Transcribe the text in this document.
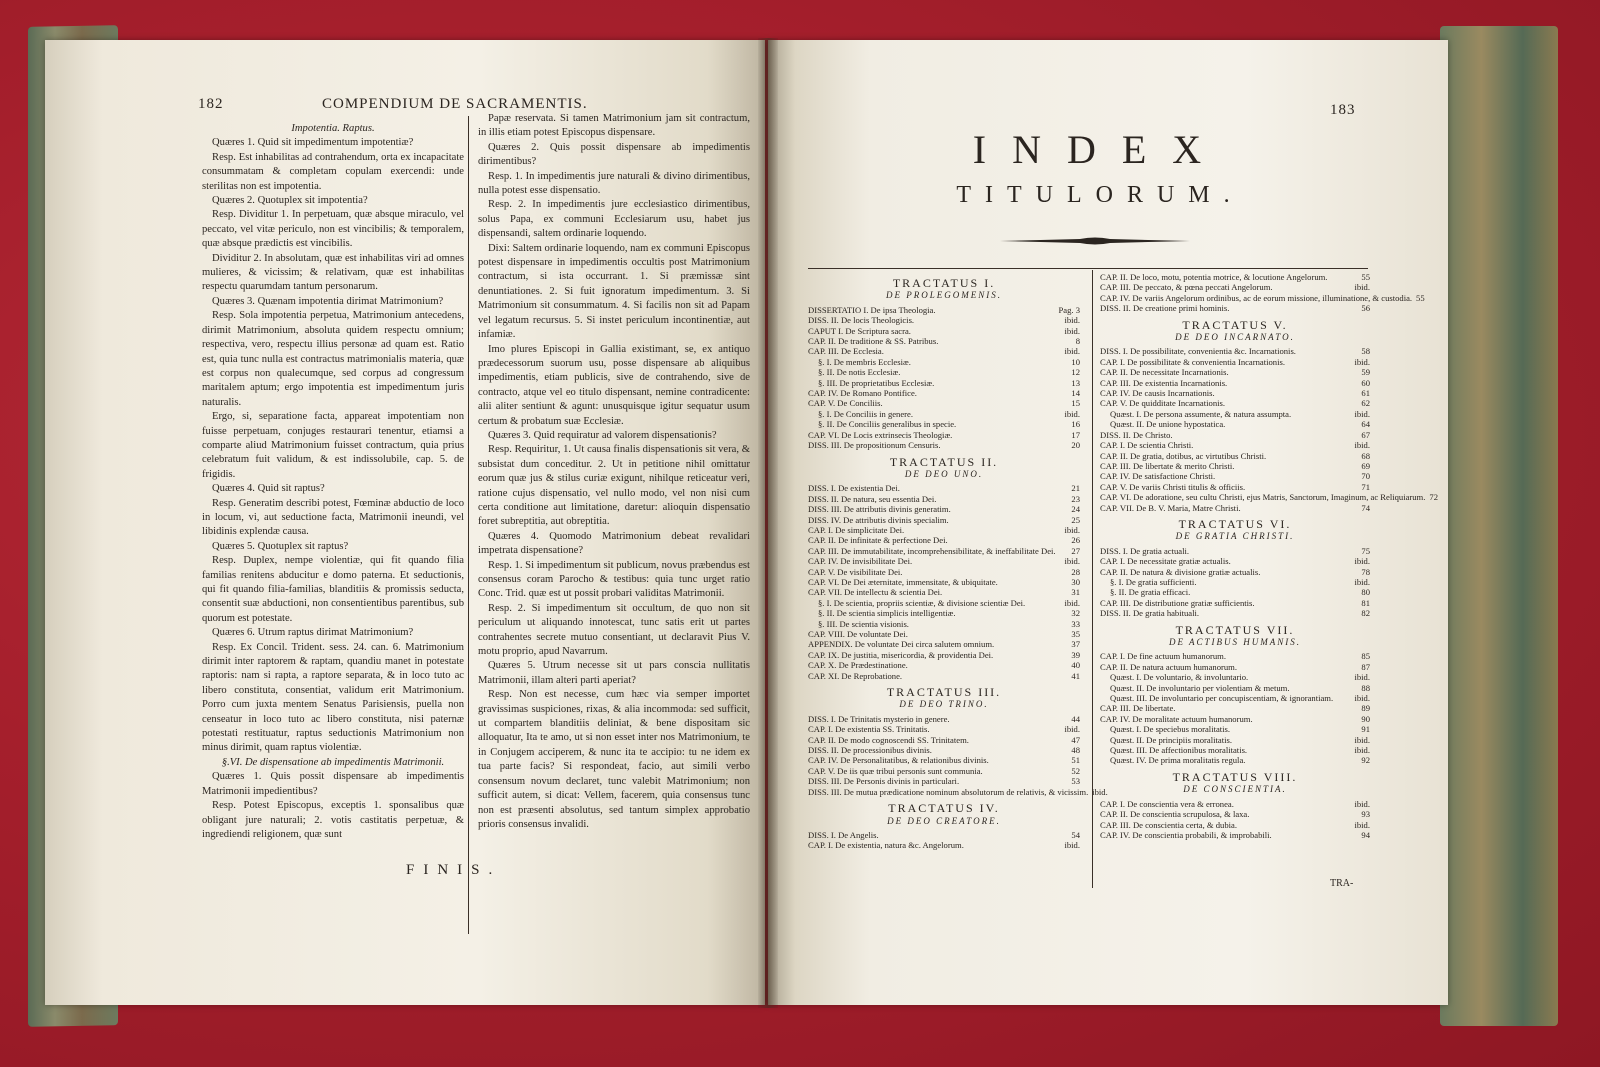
182	COMPENDIUM DE SACRAMENTIS.

Impotentia. Raptus.

Quæres 1. Quid sit impedimentum impotentiæ?

Resp. Est inhabilitas ad contrahendum, orta ex incapacitate consummatam & completam copulam exercendi: unde sterilitas non est impotentia.

Quæres 2. Quotuplex sit impotentia?

Resp. Dividitur 1. In perpetuam, quæ absque miraculo, vel peccato, vel vitæ periculo, non est vincibilis; & temporalem, quæ absque prædictis est vincibilis.

Dividitur 2. In absolutam, quæ est inhabilitas viri ad omnes mulieres, & vicissim; & relativam, quæ est inhabilitas respectu quarumdam tantum personarum.

Quæres 3. Quænam impotentia dirimat Matrimonium?

Resp. Sola impotentia perpetua, Matrimonium antecedens, dirimit Matrimonium, absoluta quidem respectu omnium; respectiva, vero, respectu illius personæ ad quam est. Ratio est, quia tunc nulla est contractus matrimonialis materia, quæ est corpus non qualecumque, sed corpus ad congressum maritalem aptum; ergo impotentia est impedimentum juris naturalis.

Ergo, si, separatione facta, appareat impotentiam non fuisse perpetuam, conjuges restaurari tenentur, etiamsi a comparte aliud Matrimonium fuisset contractum, quia prius celebratum fuit validum, & est indissolubile, cap. 5. de frigidis.

Quæres 4. Quid sit raptus?

Resp. Generatim describi potest, Fœminæ abductio de loco in locum, vi, aut seductione facta, Matrimonii ineundi, vel libidinis explendæ causa.

Quæres 5. Quotuplex sit raptus?

Resp. Duplex, nempe violentiæ, qui fit quando filia familias renitens abducitur e domo paterna. Et seductionis, qui fit quando filia-familias, blanditiis & promissis seducta, consentit suæ abductioni, non consentientibus parentibus, sub quorum est potestate.

Quæres 6. Utrum raptus dirimat Matrimonium?

Resp. Ex Concil. Trident. sess. 24. can. 6. Matrimonium dirimit inter raptorem & raptam, quandiu manet in potestate raptoris: nam si rapta, a raptore separata, & in loco tuto ac libero constituta, consentiat, validum erit Matrimonium. Porro cum juxta mentem Senatus Parisiensis, puella non censeatur in loco tuto ac libero constituta, nisi paternæ potestati restituatur, raptus seductionis Matrimonium non minus dirimit, quam raptus violentiæ.

§.VI. De dispensatione ab impedimentis Matrimonii.

Quæres 1. Quis possit dispensare ab impedimentis Matrimonii impedientibus?

Resp. Potest Episcopus, exceptis 1. sponsalibus quæ obligant jure naturali; 2. votis castitatis perpetuæ, & ingrediendi religionem, quæ sunt

Papæ reservata. Si tamen Matrimonium jam sit contractum, in illis etiam potest Episcopus dispensare.

Quæres 2. Quis possit dispensare ab impedimentis dirimentibus?

Resp. 1. In impedimentis jure naturali & divino dirimentibus, nulla potest esse dispensatio.

Resp. 2. In impedimentis jure ecclesiastico dirimentibus, solus Papa, ex communi Ecclesiarum usu, habet jus dispensandi, saltem ordinarie loquendo.

Dixi: Saltem ordinarie loquendo, nam ex communi Episcopus potest dispensare in impedimentis occultis post Matrimonium contractum, si ista occurrant. 1. Si præmissæ sint denuntiationes. 2. Si fuit ignoratum impedimentum. 3. Si Matrimonium sit consummatum. 4. Si facilis non sit ad Papam vel legatum recursus. 5. Si instet periculum incontinentiæ, aut infamiæ.

Imo plures Episcopi in Gallia existimant, se, ex antiquo prædecessorum suorum usu, posse dispensare ab aliquibus impedimentis, etiam publicis, sive de contrahendo, sive de contracto, atque vel eo titulo dispensant, nemine contradicente: alii aliter sentiunt & agunt: unusquisque igitur sequatur usum certum & probatum suæ Ecclesiæ.

Quæres 3. Quid requiratur ad valorem dispensationis?

Resp. Requiritur, 1. Ut causa finalis dispensationis sit vera, & subsistat dum conceditur. 2. Ut in petitione nihil omittatur eorum quæ jus & stilus curiæ exigunt, nihilque reticeatur veri, ratione cujus dispensatio, vel nullo modo, vel non nisi cum certa conditione aut limitatione, daretur: alioquin dispensatio foret subreptitia, aut obreptitia.

Quæres 4. Quomodo Matrimonium debeat revalidari impetrata dispensatione?

Resp. 1. Si impedimentum sit publicum, novus præbendus est consensus coram Parocho & testibus: quia tunc urget ratio Conc. Trid. quæ est ut possit probari validitas Matrimonii.

Resp. 2. Si impedimentum sit occultum, de quo non sit periculum ut aliquando innotescat, tunc satis erit ut partes contrahentes secrete mutuo consentiant, ut declaravit Pius V. motu proprio, apud Navarrum.

Quæres 5. Utrum necesse sit ut pars conscia nullitatis Matrimonii, illam alteri parti aperiat?

Resp. Non est necesse, cum hæc via semper importet gravissimas suspiciones, rixas, & alia incommoda: sed sufficit, ut compartem blanditiis deliniat, & bene dispositam sic alloquatur, Ita te amo, ut si non esset inter nos Matrimonium, te in Conjugem acciperem, & nunc ita te accipio: tu ne idem ex tua parte facis? Si respondeat, facio, aut simili verbo consensum novum declaret, tunc valebit Matrimonium; non sufficit autem, si dicat: Vellem, facerem, quia consensus tunc non est præsenti absolutus, sed tantum simplex approbatio prioris consensus invalidi.

FINIS.
183
INDEX
TITULORUM.
TRACTATUS I.
DE PROLEGOMENIS.
DISSERTATIO I. De ipsa Theologia.	Pag. 3
DISS. II. De locis Theologicis.	ibid.
CAPUT I. De Scriptura sacra.	ibid.
CAP. II. De traditione & SS. Patribus.	8
CAP. III. De Ecclesia.	ibid.
§. I. De membris Ecclesiæ.	10
§. II. De notis Ecclesiæ.	12
§. III. De proprietatibus Ecclesiæ.	13
CAP. IV. De Romano Pontifice.	14
CAP. V. De Conciliis.	15
§. I. De Conciliis in genere.	ibid.
§. II. De Conciliis generalibus in specie.	16
CAP. VI. De Locis extrinsecis Theologiæ.	17
DISS. III. De propositionum Censuris.	20
TRACTATUS II.
DE DEO UNO.
DISS. I. De existentia Dei.	21
DISS. II. De natura, seu essentia Dei.	23
DISS. III. De attributis divinis generatim.	24
DISS. IV. De attributis divinis specialim.	25
CAP. I. De simplicitate Dei.	ibid.
CAP. II. De infinitate & perfectione Dei.	26
CAP. III. De immutabilitate, incomprehensibilitate, & ineffabilitate Dei.	27
CAP. IV. De invisibilitate Dei.	ibid.
CAP. V. De visibilitate Dei.	28
CAP. VI. De Dei æternitate, immensitate, & ubiquitate.	30
CAP. VII. De intellectu & scientia Dei.	31
§. I. De scientia, propriis scientiæ, & divisione scientiæ Dei.	ibid.
§. II. De scientia simplicis intelligentiæ.	32
§. III. De scientia visionis.	33
CAP. VIII. De voluntate Dei.	35
APPENDIX. De voluntate Dei circa salutem omnium.	37
CAP. IX. De justitia, misericordia, & providentia Dei.	39
CAP. X. De Prædestinatione.	40
CAP. XI. De Reprobatione.	41
TRACTATUS III.
DE DEO TRINO.
DISS. I. De Trinitatis mysterio in genere.	44
CAP. I. De existentia SS. Trinitatis.	ibid.
CAP. II. De modo cognoscendi SS. Trinitatem.	47
DISS. II. De processionibus divinis.	48
CAP. IV. De Personalitatibus, & relationibus divinis.	51
CAP. V. De iis quæ tribui personis sunt communia.	52
DISS. III. De Personis divinis in particulari.	53
DISS. III. De mutua prædicatione nominum absolutorum de relativis, & vicissim. ibid.
TRACTATUS IV.
DE DEO CREATORE.
DISS. I. De Angelis.	54
CAP. I. De existentia, natura &c. Angelorum.	ibid.
CAP. II. De loco, motu, potentia motrice, & locutione Angelorum.	55
CAP. III. De peccato, & pœna peccati Angelorum.	ibid.
CAP. IV. De variis Angelorum ordinibus, ac de eorum missione, illuminatione, & custodia. 55
DISS. II. De creatione primi hominis.	56
TRACTATUS V.
DE DEO INCARNATO.
DISS. I. De possibilitate, convenientia &c. Incarnationis.	58
CAP. I. De possibilitate & convenientia Incarnationis.	ibid.
CAP. II. De necessitate Incarnationis.	59
CAP. III. De existentia Incarnationis.	60
CAP. IV. De causis Incarnationis.	61
CAP. V. De quidditate Incarnationis.	62
Quæst. I. De persona assumente, & natura assumpta.	ibid.
Quæst. II. De unione hypostatica.	64
DISS. II. De Christo.	67
CAP. I. De scientia Christi.	ibid.
CAP. II. De gratia, dotibus, ac virtutibus Christi.	68
CAP. III. De libertate & merito Christi.	69
CAP. IV. De satisfactione Christi.	70
CAP. V. De variis Christi titulis & officiis.	71
CAP. VI. De adoratione, seu cultu Christi, ejus Matris, Sanctorum, Imaginum, ac Reliquiarum. 72
CAP. VII. De B. V. Maria, Matre Christi.	74
TRACTATUS VI.
DE GRATIA CHRISTI.
DISS. I. De gratia actuali.	75
CAP. I. De necessitate gratiæ actualis.	ibid.
CAP. II. De natura & divisione gratiæ actualis.	78
§. I. De gratia sufficienti.	ibid.
§. II. De gratia efficaci.	80
CAP. III. De distributione gratiæ sufficientis.	81
DISS. II. De gratia habituali.	82
TRACTATUS VII.
DE ACTIBUS HUMANIS.
CAP. I. De fine actuum humanorum.	85
CAP. II. De natura actuum humanorum.	87
Quæst. I. De voluntario, & involuntario.	ibid.
Quæst. II. De involuntario per violentiam & metum.	88
Quæst. III. De involuntario per concupiscentiam, & ignorantiam.	ibid.
CAP. III. De libertate.	89
CAP. IV. De moralitate actuum humanorum.	90
Quæst. I. De speciebus moralitatis.	91
Quæst. II. De principiis moralitatis.	ibid.
Quæst. III. De affectionibus moralitatis.	ibid.
Quæst. IV. De prima moralitatis regula.	92
TRACTATUS VIII.
DE CONSCIENTIA.
CAP. I. De conscientia vera & erronea.	ibid.
CAP. II. De conscientia scrupulosa, & laxa.	93
CAP. III. De conscientia certa, & dubia.	ibid.
CAP. IV. De conscientia probabili, & improbabili.	94
TRA-
